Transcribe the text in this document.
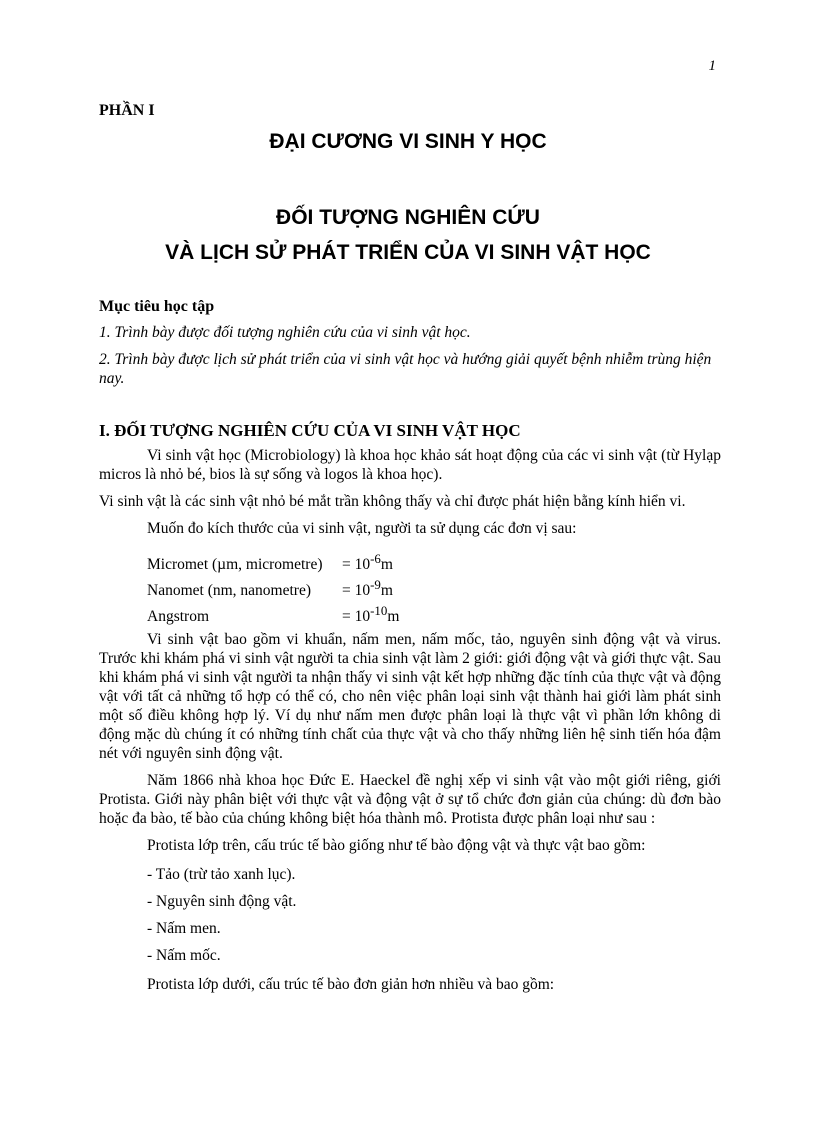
1
PHẦN I
ĐẠI CƯƠNG VI SINH Y HỌC
ĐỐI TƯỢNG NGHIÊN CỨU
VÀ LỊCH SỬ PHÁT TRIỂN CỦA VI SINH VẬT HỌC
Mục tiêu học tập
1. Trình bày được đối tượng nghiên cứu của vi sinh vật học.
2. Trình bày được lịch sử phát triển của vi sinh vật học và hướng giải quyết bệnh nhiễm trùng hiện nay.
I. ĐỐI TƯỢNG NGHIÊN CỨU CỦA VI SINH VẬT HỌC

Vi sinh vật học (Microbiology) là khoa học khảo sát hoạt động của các vi sinh vật (từ Hylạp micros là nhỏ bé, bios là sự sống và logos là khoa học).

Vi sinh vật là các sinh vật nhỏ bé mắt trần không thấy và chỉ được phát hiện bằng kính hiển vi.

Muốn đo kích thước của vi sinh vật, người ta sử dụng các đơn vị sau:

Micromet (µm, micrometre) = $10^{-6}m$
Nanomet (nm, nanometre) = $10^{-9}m$
Angstrom	= $10^{-10}m$

Vi sinh vật bao gồm vi khuẩn, nấm men, nấm mốc, tảo, nguyên sinh động vật và virus. Trước khi khám phá vi sinh vật người ta chia sinh vật làm 2 giới: giới động vật và giới thực vật. Sau khi khám phá vi sinh vật người ta nhận thấy vi sinh vật kết hợp những đặc tính của thực vật và động vật với tất cả những tổ hợp có thể có, cho nên việc phân loại sinh vật thành hai giới làm phát sinh một số điều không hợp lý. Ví dụ như nấm men được phân loại là thực vật vì phần lớn không di động mặc dù chúng ít có những tính chất của thực vật và cho thấy những liên hệ sinh tiến hóa đậm nét với nguyên sinh động vật.

Năm 1866 nhà khoa học Đức E. Haeckel đề nghị xếp vi sinh vật vào một giới riêng, giới Protista. Giới này phân biệt với thực vật và động vật ở sự tổ chức đơn giản của chúng: dù đơn bào hoặc đa bào, tế bào của chúng không biệt hóa thành mô. Protista được phân loại như sau :

Protista lớp trên, cấu trúc tế bào giống như tế bào động vật và thực vật bao gồm:

- Tảo (trừ tảo xanh lục).
- Nguyên sinh động vật.
- Nấm men.
- Nấm mốc.

Protista lớp dưới, cấu trúc tế bào đơn giản hơn nhiều và bao gồm:
